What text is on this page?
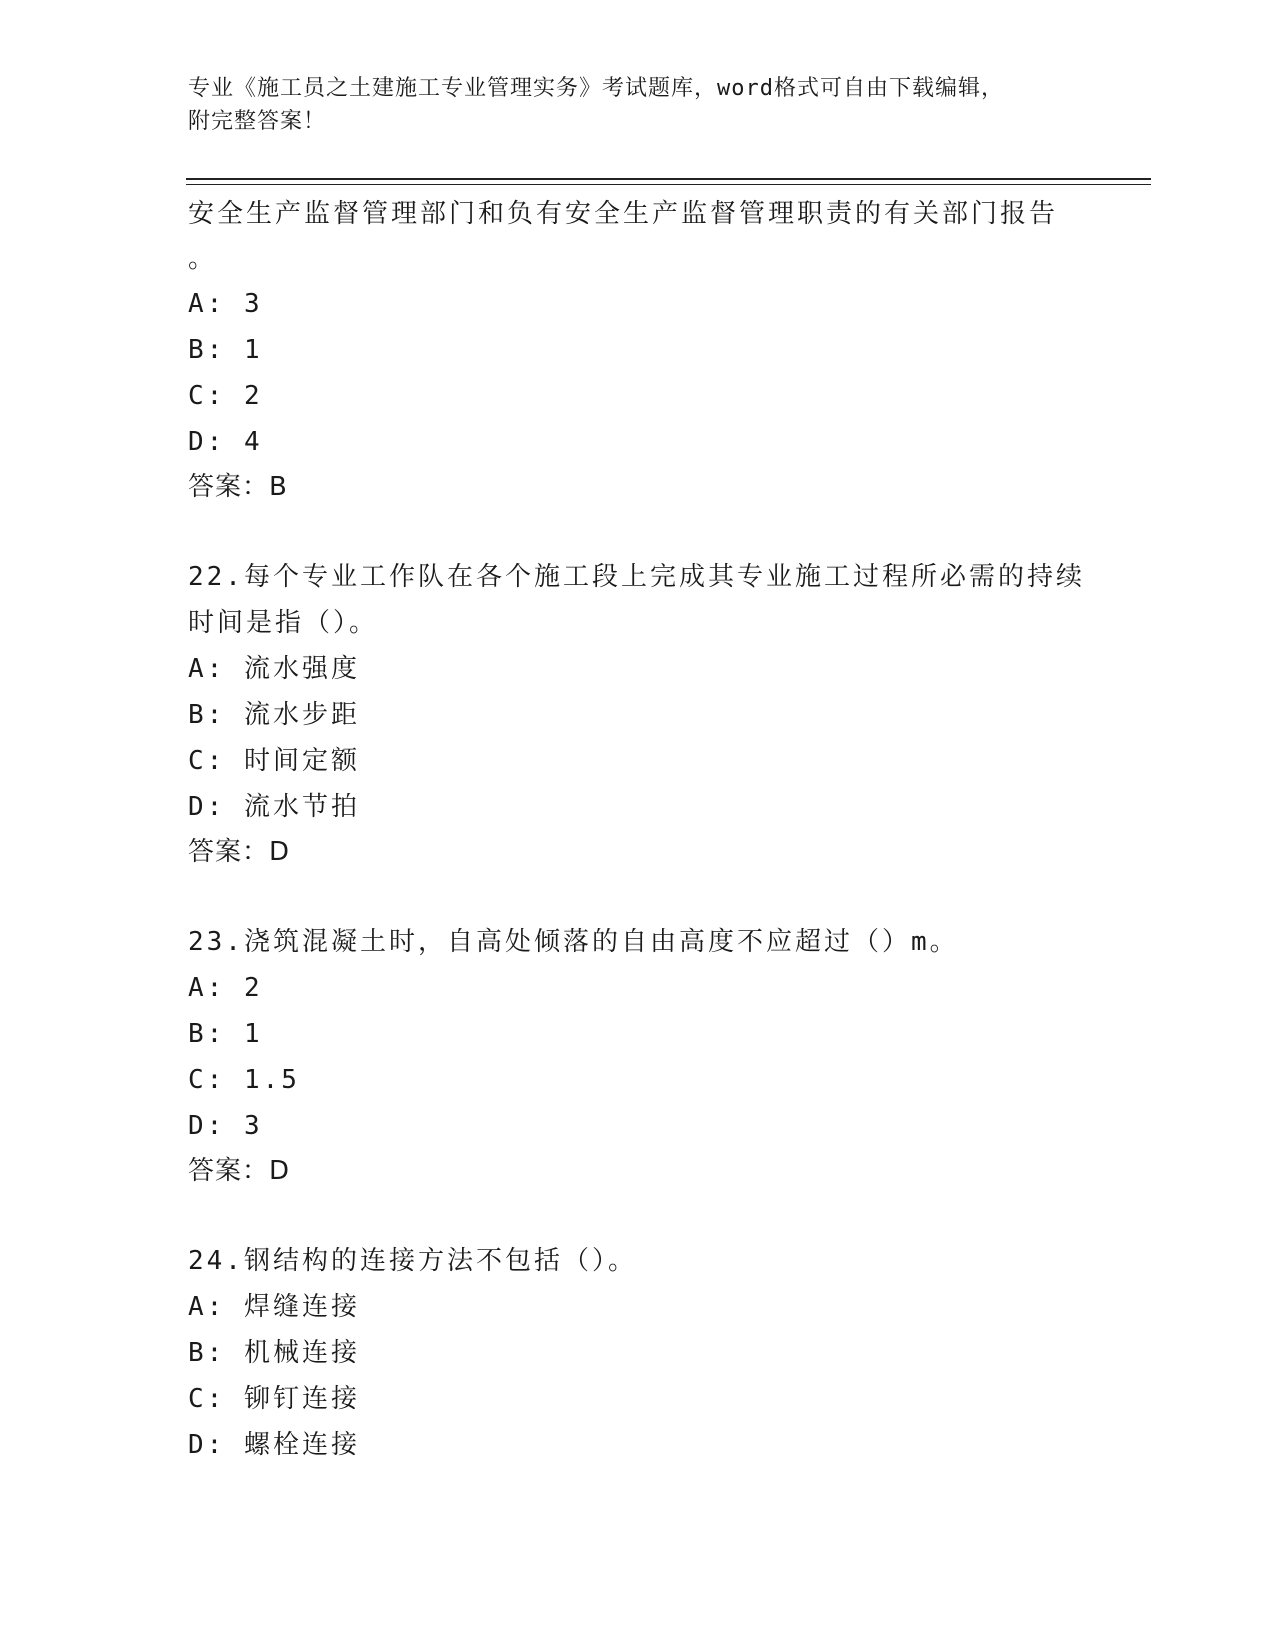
专业《施工员之土建施工专业管理实务》考试题库，word格式可自由下载编辑，
附完整答案！
安全生产监督管理部门和负有安全生产监督管理职责的有关部门报告
。
A: 3
B: 1
C: 2
D: 4
答案：B
22.每个专业工作队在各个施工段上完成其专业施工过程所必需的持续
时间是指（）。
A: 流水强度
B: 流水步距
C: 时间定额
D: 流水节拍
答案：D
23.浇筑混凝土时，自高处倾落的自由高度不应超过（）m。
A: 2
B: 1
C: 1.5
D: 3
答案：D
24.钢结构的连接方法不包括（）。
A: 焊缝连接
B: 机械连接
C: 铆钉连接
D: 螺栓连接
